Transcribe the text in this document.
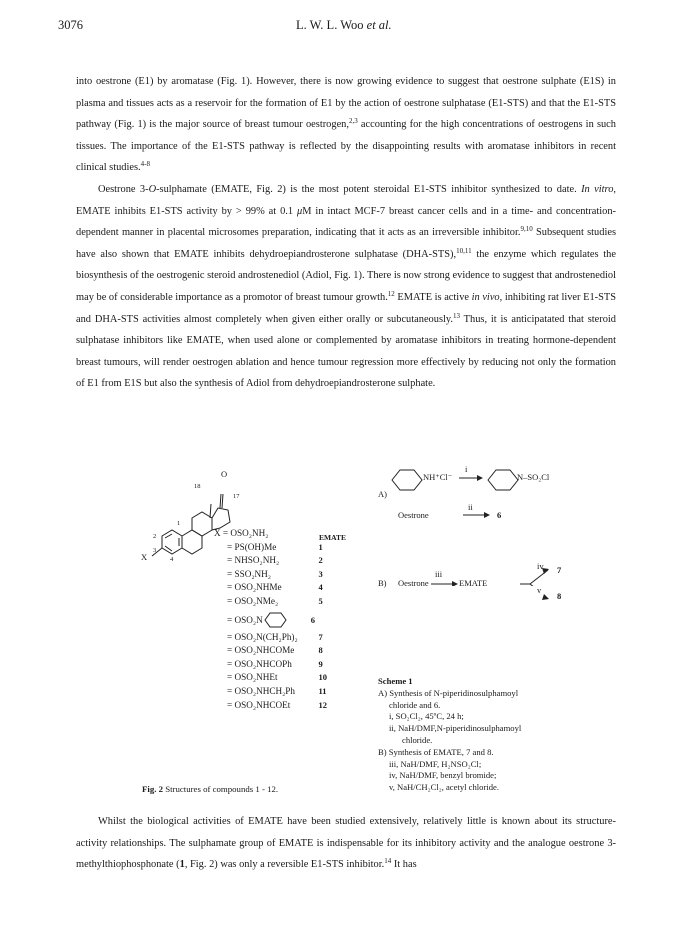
3076	L. W. L. Woo et al.

into oestrone (E1) by aromatase (Fig. 1). However, there is now growing evidence to suggest that oestrone sulphate (E1S) in plasma and tissues acts as a reservoir for the formation of E1 by the action of oestrone sulphatase (E1-STS) and that the E1-STS pathway (Fig. 1) is the major source of breast tumour oestrogen,$^{2,3}$ accounting for the high concentrations of oestrogens in such tissues. The importance of the E1-STS pathway is reflected by the disappointing results with aromatase inhibitors in recent clinical studies.$^{4-8}$

Oestrone 3-O-sulphamate (EMATE, Fig. 2) is the most potent steroidal E1-STS inhibitor synthesized to date. In vitro, EMATE inhibits E1-STS activity by > 99% at 0.1 μM in intact MCF-7 breast cancer cells and in a time- and concentration-dependent manner in placental microsomes preparation, indicating that it acts as an irreversible inhibitor.$^{9,10}$ Subsequent studies have also shown that EMATE inhibits dehydroepiandrosterone sulphatase (DHA-STS),$^{10,11}$ the enzyme which regulates the biosynthesis of the oestrogenic steroid androstenediol (Adiol, Fig. 1). There is now strong evidence to suggest that androstenediol may be of considerable importance as a promotor of breast tumour growth.$^{12}$ EMATE is active in vivo, inhibiting rat liver E1-STS and DHA-STS activities almost completely when given either orally or subcutaneously.$^{13}$ Thus, it is anticipatated that steroid sulphatase inhibitors like EMATE, when used alone or complemented by aromatase inhibitors in treating hormone-dependent breast tumours, will render oestrogen ablation and hence tumour regression more effectively by reducing not only the formation of E1 from E1S but also the synthesis of Adiol from dehydroepiandrosterone sulphate.

O
18
17
1
2
3
4
X
EMATE
X = OSO₂NH₂
= PS(OH)Me	1
= NHSO₂NH₂	2
= SSO₂NH₂	3
= OSO₂NHMe	4
= OSO₂NMe₂	5
= OSO₂N	6
= OSO₂N(CH₂Ph)₂ 7
= OSO₂NHCOMe	8
= OSO₂NHCOPh	9
= OSO₂NHEt	10
= OSO₂NHCH₂Ph	11
= OSO₂NHCOEt	12
Fig. 2 Structures of compounds 1 - 12.
A)
NH⁺Cl⁻
i
N–SO₂Cl
Oestrone
ii
6
B) Oestrone
iii
EMATE
iv
v
7
8
Scheme 1
A) Synthesis of N-piperidinosulphamoyl
chloride and 6.
i, SO₂Cl₂, 45ºC, 24 h;
ii, NaH/DMF,N-piperidinosulphamoyl
chloride.
B) Synthesis of EMATE, 7 and 8.
iii, NaH/DMF, H₂NSO₂Cl;
iv, NaH/DMF, benzyl bromide;
v, NaH/CH₂Cl₂, acetyl chloride.

Whilst the biological activities of EMATE have been studied extensively, relatively little is known about its structure-activity relationships. The sulphamate group of EMATE is indispensable for its inhibitory activity and the analogue oestrone 3-methylthiophosphonate (1, Fig. 2) was only a reversible E1-STS inhibitor.$^{14}$ It has
